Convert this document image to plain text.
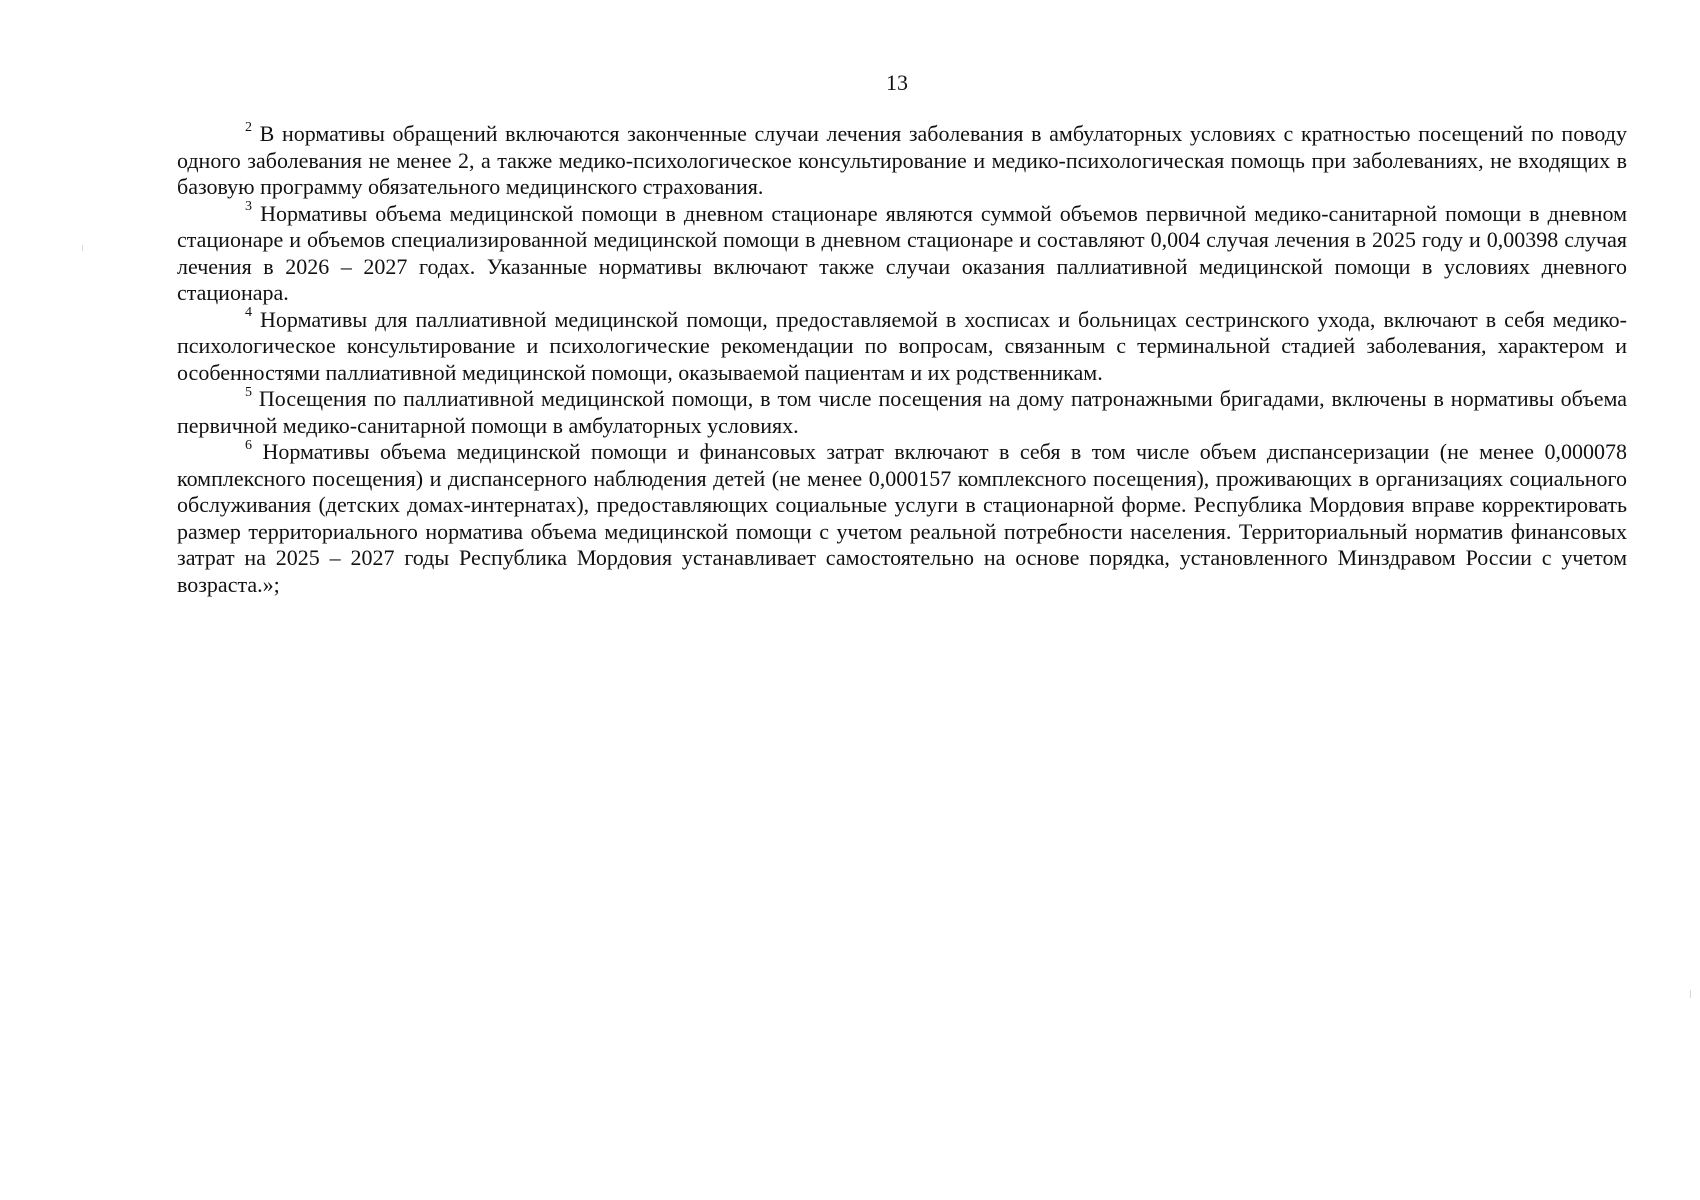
13

$^2$ В нормативы обращений включаются законченные случаи лечения заболевания в амбулаторных условиях с кратностью посещений по поводу одного заболевания не менее 2, а также медико-психологическое консультирование и медико-психологическая помощь при заболеваниях, не входящих в базовую программу обязательного медицинского страхования.

$^3$ Нормативы объема медицинской помощи в дневном стационаре являются суммой объемов первичной медико-санитарной помощи в дневном стационаре и объемов специализированной медицинской помощи в дневном стационаре и составляют 0,004 случая лечения в 2025 году и 0,00398 случая лечения в 2026 – 2027 годах. Указанные нормативы включают также случаи оказания паллиативной медицинской помощи в условиях дневного стационара.

$^4$ Нормативы для паллиативной медицинской помощи, предоставляемой в хосписах и больницах сестринского ухода, включают в себя медико-психологическое консультирование и психологические рекомендации по вопросам, связанным с терминальной стадией заболевания, характером и особенностями паллиативной медицинской помощи, оказываемой пациентам и их родственникам.

$^5$ Посещения по паллиативной медицинской помощи, в том числе посещения на дому патронажными бригадами, включены в нормативы объема первичной медико-санитарной помощи в амбулаторных условиях.

$^6$ Нормативы объема медицинской помощи и финансовых затрат включают в себя в том числе объем диспансеризации (не менее 0,000078 комплексного посещения) и диспансерного наблюдения детей (не менее 0,000157 комплексного посещения), проживающих в организациях социального обслуживания (детских домах-интернатах), предоставляющих социальные услуги в стационарной форме. Республика Мордовия вправе корректировать размер территориального норматива объема медицинской помощи с учетом реальной потребности населения. Территориальный норматив финансовых затрат на 2025 – 2027 годы Республика Мордовия устанавливает самостоятельно на основе порядка, установленного Минздравом России с учетом возраста.»;
